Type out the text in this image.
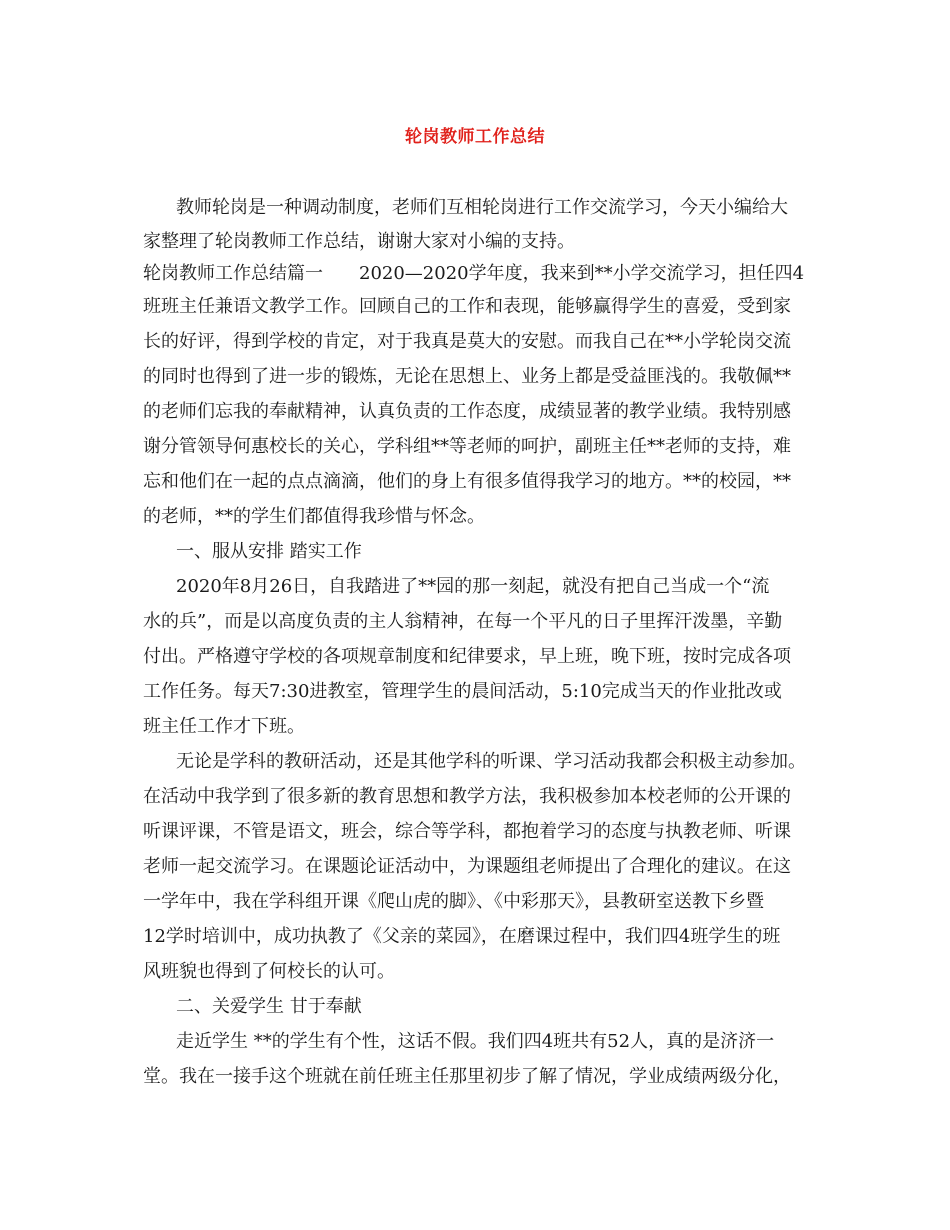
轮岗教师工作总结
教师轮岗是一种调动制度，老师们互相轮岗进行工作交流学习，今天小编给大
家整理了轮岗教师工作总结，谢谢大家对小编的支持。
轮岗教师工作总结篇一　　2020—2020学年度，我来到**小学交流学习，担任四4
班班主任兼语文教学工作。回顾自己的工作和表现，能够赢得学生的喜爱，受到家
长的好评，得到学校的肯定，对于我真是莫大的安慰。而我自己在**小学轮岗交流
的同时也得到了进一步的锻炼，无论在思想上、业务上都是受益匪浅的。我敬佩**
的老师们忘我的奉献精神，认真负责的工作态度，成绩显著的教学业绩。我特别感
谢分管领导何惠校长的关心，学科组**等老师的呵护，副班主任**老师的支持，难
忘和他们在一起的点点滴滴，他们的身上有很多值得我学习的地方。**的校园，**
的老师，**的学生们都值得我珍惜与怀念。
一、服从安排 踏实工作
2020年8月26日，自我踏进了**园的那一刻起，就没有把自己当成一个“流
水的兵”，而是以高度负责的主人翁精神，在每一个平凡的日子里挥汗泼墨，辛勤
付出。严格遵守学校的各项规章制度和纪律要求，早上班，晚下班，按时完成各项
工作任务。每天7:30进教室，管理学生的晨间活动，5:10完成当天的作业批改或
班主任工作才下班。
无论是学科的教研活动，还是其他学科的听课、学习活动我都会积极主动参加。
在活动中我学到了很多新的教育思想和教学方法，我积极参加本校老师的公开课的
听课评课，不管是语文，班会，综合等学科，都抱着学习的态度与执教老师、听课
老师一起交流学习。在课题论证活动中，为课题组老师提出了合理化的建议。在这
一学年中，我在学科组开课《爬山虎的脚》、《中彩那天》，县教研室送教下乡暨
12学时培训中，成功执教了《父亲的菜园》，在磨课过程中，我们四4班学生的班
风班貌也得到了何校长的认可。
二、关爱学生 甘于奉献
走近学生 **的学生有个性，这话不假。我们四4班共有52人，真的是济济一
堂。我在一接手这个班就在前任班主任那里初步了解了情况，学业成绩两级分化，
